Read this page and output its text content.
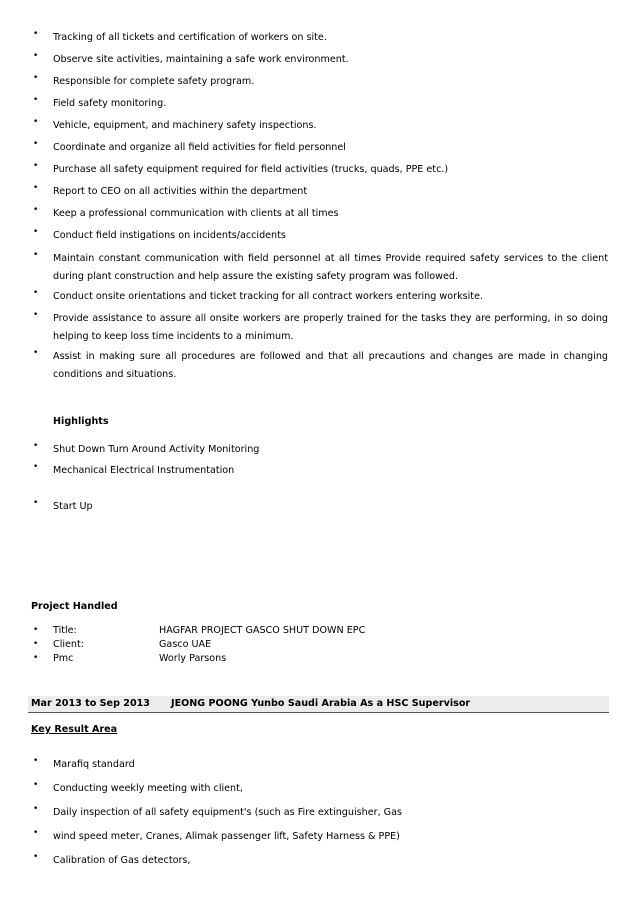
• Tracking of all tickets and certification of workers on site.
• Observe site activities, maintaining a safe work environment.
• Responsible for complete safety program.
• Field safety monitoring.
• Vehicle, equipment, and machinery safety inspections.
• Coordinate and organize all field activities for field personnel
• Purchase all safety equipment required for field activities (trucks, quads, PPE etc.)
• Report to CEO on all activities within the department
• Keep a professional communication with clients at all times
• Conduct field instigations on incidents/accidents
• Maintain constant communication with field personnel at all times Provide required safety services to the client during plant construction and help assure the existing safety program was followed.
• Conduct onsite orientations and ticket tracking for all contract workers entering worksite.
• Provide assistance to assure all onsite workers are properly trained for the tasks they are performing, in so doing helping to keep loss time incidents to a minimum.
• Assist in making sure all procedures are followed and that all precautions and changes are made in changing conditions and situations.
Highlights
• Shut Down Turn Around Activity Monitoring
• Mechanical Electrical Instrumentation
• Start Up
Project Handled
• Title:	HAGFAR PROJECT GASCO SHUT DOWN EPC
• Client:	Gasco UAE
• Pmc	Worly Parsons
Mar 2013 to Sep 2013 JEONG POONG Yunbo Saudi Arabia As a HSC Supervisor
Key Result Area
• Marafiq standard
• Conducting weekly meeting with client,
• Daily inspection of all safety equipment's (such as Fire extinguisher, Gas
• wind speed meter, Cranes, Alimak passenger lift, Safety Harness & PPE)
• Calibration of Gas detectors,
